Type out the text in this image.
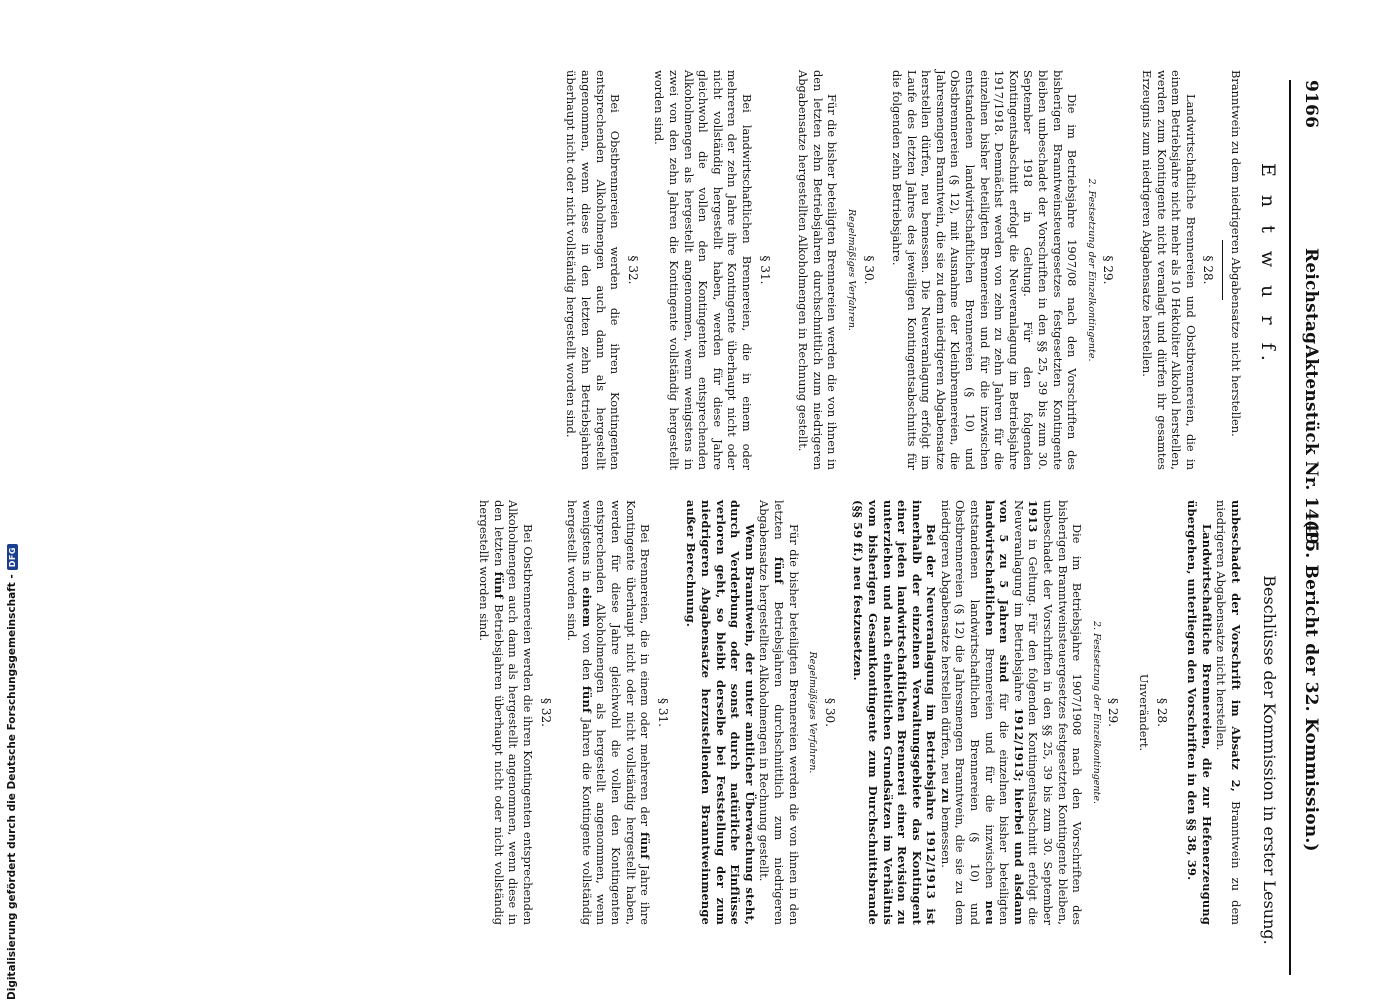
9166
Reichstag.
Aktenstück Nr. 1449.
(15. Bericht der 32. Kommission.)
E n t w u r f.
Beschlüsse der Kommission in erster Lesung.

Branntwein zu dem niedrigeren Abgabensatze nicht herstellen.

§ 28.

Landwirtschaftliche Brennereien und Obstbrennereien, die in einem Betriebsjahre nicht mehr als 10 Hektoliter Alkohol herstellen, werden zum Kontingente nicht veranlagt und dürfen ihr gesamtes Erzeugnis zum niedrigeren Abgabensatze herstellen.

§ 29.
2. Festsetzung der Einzelkontingente.

Die im Betriebsjahre 1907/08 nach den Vorschriften des bisherigen Branntweinsteuergesetzes festgesetzten Kontingente bleiben unbeschadet der Vorschriften in den §§ 25, 39 bis zum 30. September 1918 in Geltung. Für den folgenden Kontingentsabschnitt erfolgt die Neuveranlagung im Betriebsjahre 1917/1918. Demnächst werden von zehn zu zehn Jahren für die einzelnen bisher beteiligten Brennereien und für die inzwischen entstandenen landwirtschaftlichen Brennereien (§ 10) und Obstbrennereien (§ 12), mit Ausnahme der Kleinbrennereien, die Jahresmengen Branntwein, die sie zu dem niedrigeren Abgabensatze herstellen dürfen, neu bemessen. Die Neuveranlagung erfolgt im Laufe des letzten Jahres des jeweiligen Kontingentsabschnitts für die folgenden zehn Betriebsjahre.

§ 30.
Regelmäßiges Verfahren.

Für die bisher beteiligten Brennereien werden die von ihnen in den letzten zehn Betriebsjahren durchschnittlich zum niedrigeren Abgabensatze hergestellten Alkoholmengen in Rechnung gestellt.

§ 31.

Bei landwirtschaftlichen Brennereien, die in einem oder mehreren der zehn Jahre ihre Kontingente überhaupt nicht oder nicht vollständig hergestellt haben, werden für diese Jahre gleichwohl die vollen den Kontingenten entsprechenden Alkoholmengen als hergestellt angenommen, wenn wenigstens in zwei von den zehn Jahren die Kontingente vollständig hergestellt worden sind.

§ 32.

Bei Obstbrennereien werden die ihren Kontingenten entsprechenden Alkoholmengen auch dann als hergestellt angenommen, wenn diese in den letzten zehn Betriebsjahren überhaupt nicht oder nicht vollständig hergestellt worden sind.

unbeschadet der Vorschrift im Absatz 2, Branntwein zu dem niedrigeren Abgabensatze nicht herstellen.

Landwirtschaftliche Brennereien, die zur Hefenerzeugung übergehen, unterliegen den Vorschriften in den §§ 38, 39.

§ 28.

Unverändert.

§ 29.
2. Festsetzung der Einzelkontingente.

Die im Betriebsjahre 1907/1908 nach den Vorschriften des bisherigen Branntweinsteuergesetzes festgesetzten Kontingente bleiben, unbeschadet der Vorschriften in den §§ 25, 39 bis zum 30. September 1913 in Geltung. Für den folgenden Kontingentsabschnitt erfolgt die Neuveranlagung im Betriebsjahre 1912/1913; hierbei und alsdann von 5 zu 5 Jahren sind für die einzelnen bisher beteiligten landwirtschaftlichen Brennereien und für die inzwischen neu entstandenen landwirtschaftlichen Brennereien (§ 10) und Obstbrennereien (§ 12) die Jahresmengen Branntwein, die sie zu dem niedrigeren Abgabensatze herstellen dürfen, neu zu bemessen.

Bei der Neuveranlagung im Betriebsjahre 1912/1913 ist innerhalb der einzelnen Verwaltungsgebiete das Kontingent einer jeden landwirtschaftlichen Brennerei einer Revision zu unterziehen und nach einheitlichen Grundsätzen im Verhältnis vom bisherigen Gesamtkontingente zum Durchschnittsbrande (§§ 59 ff.) neu festzusetzen.

§ 30.
Regelmäßiges Verfahren.

Für die bisher beteiligten Brennereien werden die von ihnen in den letzten fünf Betriebsjahren durchschnittlich zum niedrigeren Abgabensatze hergestellten Alkoholmengen in Rechnung gestellt.

Wenn Branntwein, der unter amtlicher Überwachung steht, durch Verderbung oder sonst durch natürliche Einflüsse verloren geht, so bleibt derselbe bei Feststellung der zum niedrigeren Abgabensatze herzustellenden Branntweinmenge außer Berechnung.

§ 31.

Bei Brennereien, die in einem oder mehreren der fünf Jahre ihre Kontingente überhaupt nicht oder nicht vollständig hergestellt haben, werden für diese Jahre gleichwohl die vollen den Kontingenten entsprechenden Alkoholmengen als hergestellt angenommen, wenn wenigstens in einem von den fünf Jahren die Kontingente vollständig hergestellt worden sind.

§ 32.

Bei Obstbrennereien werden die ihren Kontingenten entsprechenden Alkoholmengen auch dann als hergestellt angenommen, wenn diese in den letzten fünf Betriebsjahren überhaupt nicht oder nicht vollständig hergestellt worden sind.

Digitalisierung gefördert durch die Deutsche Forschungsgemeinschaft -
DFG
